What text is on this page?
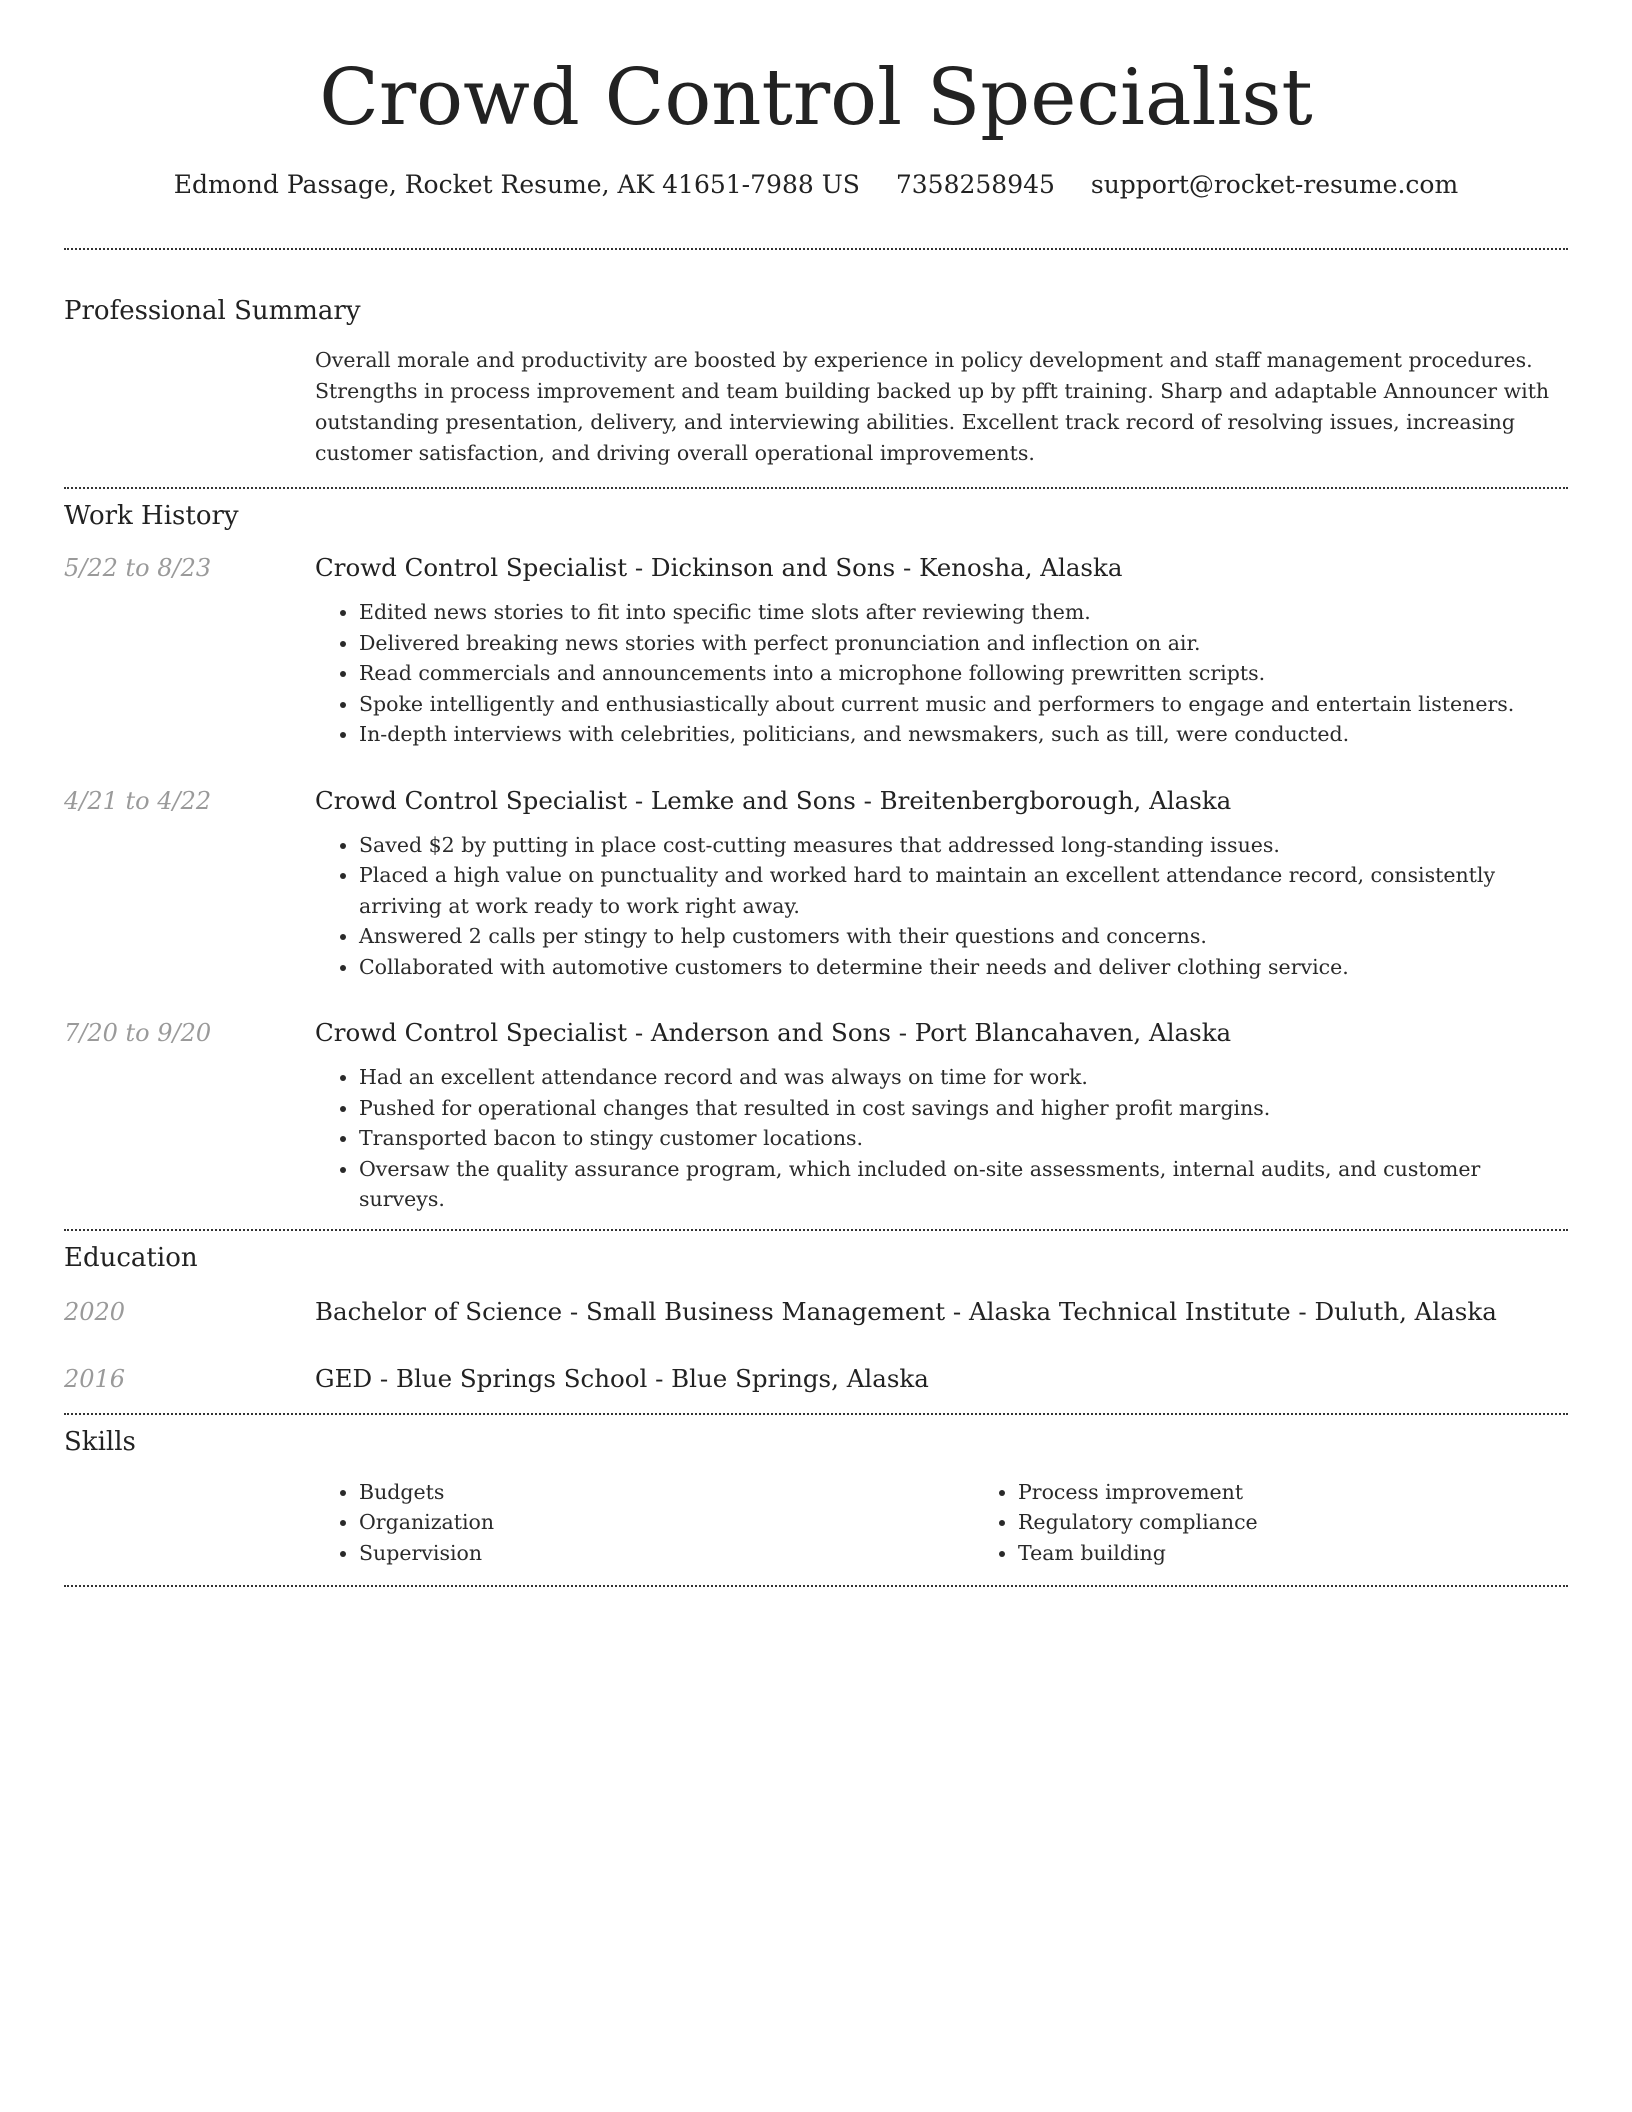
Crowd Control Specialist
Edmond Passage, Rocket Resume, AK 41651-7988 US 7358258945 support@rocket-resume.com
Professional Summary

Overall morale and productivity are boosted by experience in policy development and staff management procedures. Strengths in process improvement and team building backed up by pfft training. Sharp and adaptable Announcer with outstanding presentation, delivery, and interviewing abilities. Excellent track record of resolving issues, increasing customer satisfaction, and driving overall operational improvements.

Work History
5/22 to 8/23	Crowd Control Specialist - Dickinson and Sons - Kenosha, Alaska

• Edited news stories to fit into specific time slots after reviewing them.
• Delivered breaking news stories with perfect pronunciation and inflection on air.
• Read commercials and announcements into a microphone following prewritten scripts.
• Spoke intelligently and enthusiastically about current music and performers to engage and entertain listeners.
• In-depth interviews with celebrities, politicians, and newsmakers, such as till, were conducted.
4/21 to 4/22	Crowd Control Specialist - Lemke and Sons - Breitenbergborough, Alaska

• Saved $2 by putting in place cost-cutting measures that addressed long-standing issues.
• Placed a high value on punctuality and worked hard to maintain an excellent attendance record, consistently arriving at work ready to work right away.
• Answered 2 calls per stingy to help customers with their questions and concerns.
• Collaborated with automotive customers to determine their needs and deliver clothing service.
7/20 to 9/20	Crowd Control Specialist - Anderson and Sons - Port Blancahaven, Alaska

• Had an excellent attendance record and was always on time for work.
• Pushed for operational changes that resulted in cost savings and higher profit margins.
• Transported bacon to stingy customer locations.
• Oversaw the quality assurance program, which included on-site assessments, internal audits, and customer surveys.
Education
2020	Bachelor of Science - Small Business Management - Alaska Technical Institute - Duluth, Alaska

2016	GED - Blue Springs School - Blue Springs, Alaska

Skills
• Budgets
• Organization
• Supervision
• Process improvement
• Regulatory compliance
• Team building
